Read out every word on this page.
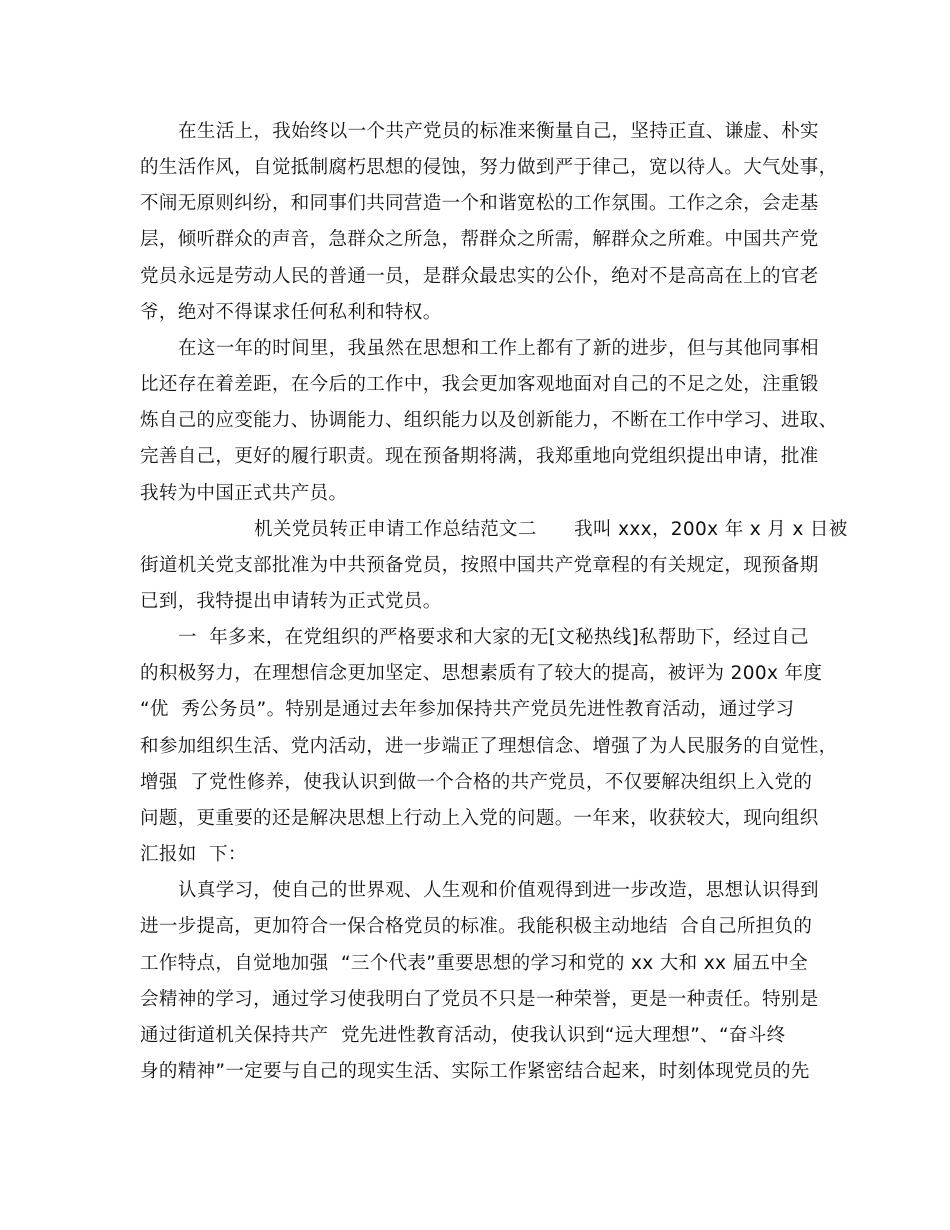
在生活上，我始终以一个共产党员的标准来衡量自己，坚持正直、谦虚、朴实
的生活作风，自觉抵制腐朽思想的侵蚀，努力做到严于律己，宽以待人。大气处事，
不闹无原则纠纷，和同事们共同营造一个和谐宽松的工作氛围。工作之余，会走基
层，倾听群众的声音，急群众之所急，帮群众之所需，解群众之所难。中国共产党
党员永远是劳动人民的普通一员，是群众最忠实的公仆，绝对不是高高在上的官老
爷，绝对不得谋求任何私利和特权。
在这一年的时间里，我虽然在思想和工作上都有了新的进步，但与其他同事相
比还存在着差距，在今后的工作中，我会更加客观地面对自己的不足之处，注重锻
炼自己的应变能力、协调能力、组织能力以及创新能力，不断在工作中学习、进取、
完善自己，更好的履行职责。现在预备期将满，我郑重地向党组织提出申请，批准
我转为中国正式共产员。
机关党员转正申请工作总结范文二      我叫 xxx，200x 年 x 月 x 日被
街道机关党支部批准为中共预备党员，按照中国共产党章程的有关规定，现预备期
已到，我特提出申请转为正式党员。
一  年多来，在党组织的严格要求和大家的无[文秘热线]私帮助下，经过自己
的积极努力，在理想信念更加坚定、思想素质有了较大的提高，被评为 200x 年度
“优  秀公务员”。特别是通过去年参加保持共产党员先进性教育活动，通过学习
和参加组织生活、党内活动，进一步端正了理想信念、增强了为人民服务的自觉性，
增强  了党性修养，使我认识到做一个合格的共产党员，不仅要解决组织上入党的
问题，更重要的还是解决思想上行动上入党的问题。一年来，收获较大，现向组织
汇报如  下：
认真学习，使自己的世界观、人生观和价值观得到进一步改造，思想认识得到
进一步提高，更加符合一保合格党员的标准。我能积极主动地结  合自己所担负的
工作特点，自觉地加强  “三个代表”重要思想的学习和党的 xx 大和 xx 届五中全
会精神的学习，通过学习使我明白了党员不只是一种荣誉，更是一种责任。特别是
通过街道机关保持共产  党先进性教育活动，使我认识到“远大理想”、“奋斗终
身的精神”一定要与自己的现实生活、实际工作紧密结合起来，时刻体现党员的先
